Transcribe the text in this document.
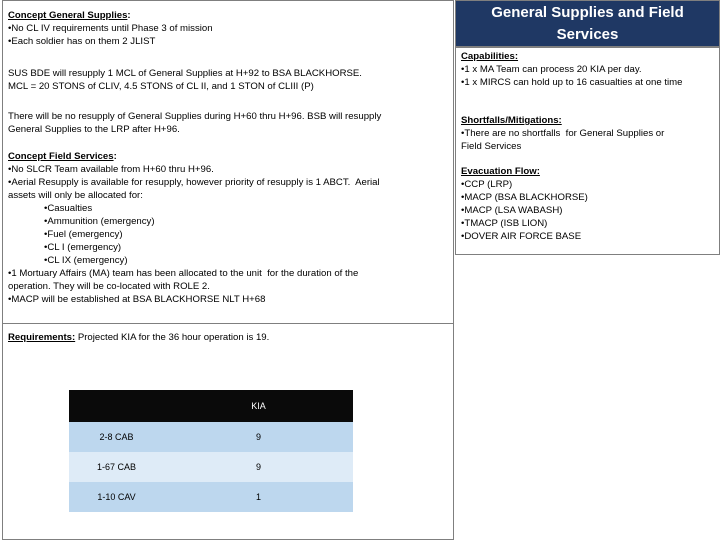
General Supplies and Field
Services
Concept General Supplies:
•No CL IV requirements until Phase 3 of mission
•Each soldier has on them 2 JLIST
SUS BDE will resupply 1 MCL of General Supplies at H+92 to BSA BLACKHORSE.
MCL = 20 STONS of CLIV, 4.5 STONS of CL II, and 1 STON of CLIII (P)
There will be no resupply of General Supplies during H+60 thru H+96. BSB will resupply
General Supplies to the LRP after H+96.
Concept Field Services:
•No SLCR Team available from H+60 thru H+96.
•Aerial Resupply is available for resupply, however priority of resupply is 1 ABCT.  Aerial
assets will only be allocated for:
•Casualties
•Ammunition (emergency)
•Fuel (emergency)
•CL I (emergency)
•CL IX (emergency)
•1 Mortuary Affairs (MA) team has been allocated to the unit  for the duration of the
operation. They will be co-located with ROLE 2.
•MACP will be established at BSA BLACKHORSE NLT H+68
Requirements: Projected KIA for the 36 hour operation is 19.
	KIA
2-8 CAB	9
1-67 CAB	9
1-10 CAV	1
Capabilities:
•1 x MA Team can process 20 KIA per day.
•1 x MIRCS can hold up to 16 casualties at one time
Shortfalls/Mitigations:
•There are no shortfalls  for General Supplies or
Field Services
Evacuation Flow:
•CCP (LRP)
•MACP (BSA BLACKHORSE)
•MACP (LSA WABASH)
•TMACP (ISB LION)
•DOVER AIR FORCE BASE
